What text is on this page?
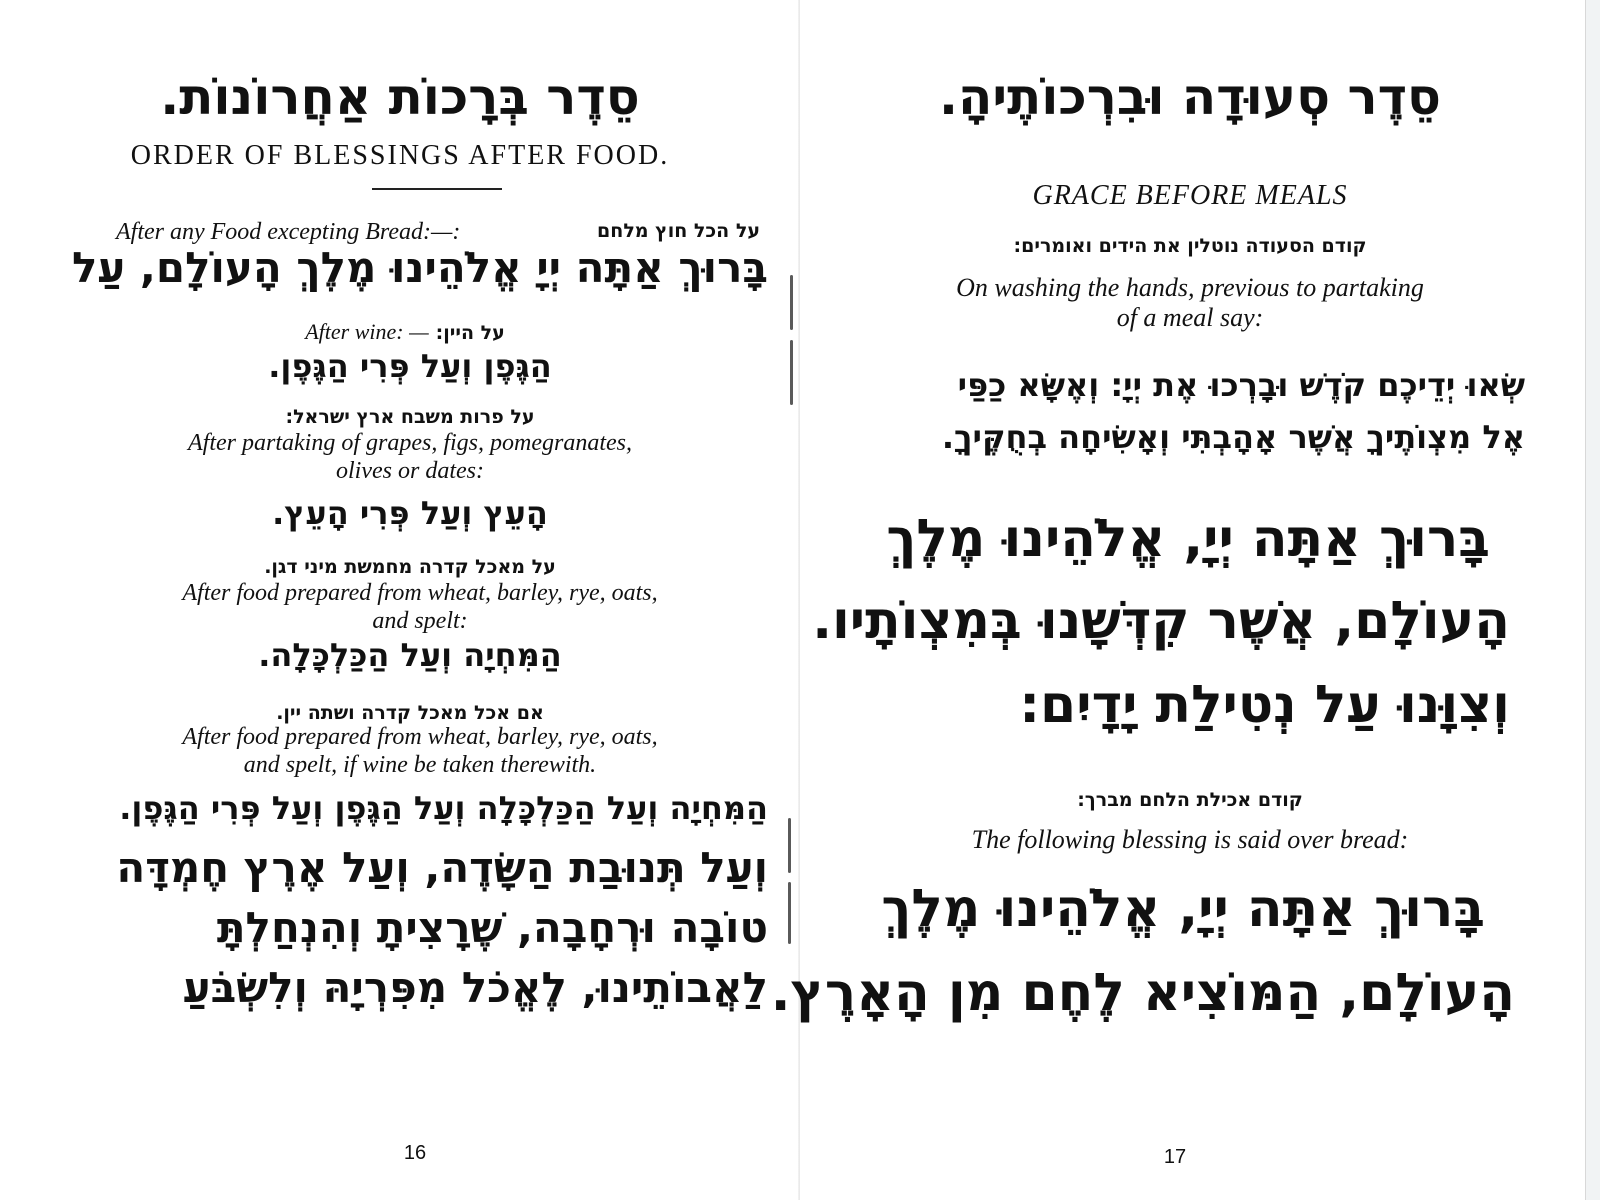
סֵדֶר בְּרָכוֹת אַחֲרוֹנוֹת.
ORDER OF BLESSINGS AFTER FOOD.
על הכל חוץ מלחם
After any Food excepting Bread:—:
בָּרוּךְ אַתָּה יְיָ אֱלֹהֵינוּ מֶלֶךְ הָעוֹלָם, עַל
After wine: — על היין:
הַגֶּפֶן וְעַל פְּרִי הַגֶּפֶן.
על פרות משבח ארץ ישראל:
After partaking of grapes, figs, pomegranates,
olives or dates:
הָעֵץ וְעַל פְּרִי הָעֵץ.
על מאכל קדרה מחמשת מיני דגן.
After food prepared from wheat, barley, rye, oats,
and spelt:
הַמִּחְיָה וְעַל הַכַּלְכָּלָה.
אם אכל מאכל קדרה ושתה יין.
After food prepared from wheat, barley, rye, oats,
and spelt, if wine be taken therewith.
הַמִּחְיָה וְעַל הַכַּלְכָּלָה וְעַל הַגֶּפֶן וְעַל פְּרִי הַגֶּפֶן.
וְעַל תְּנוּבַת הַשָּׂדֶה, וְעַל אֶרֶץ חֶמְדָּה
טוֹבָה וּרְחָבָה, שֶׁרָצִיתָ וְהִנְחַלְתָּ
לַאֲבוֹתֵינוּ, לֶאֱכֹל מִפִּרְיָהּ וְלִשְׂבֹּעַ
16
סֵדֶר סְעוּדָה וּבִרְכוֹתֶיהָ.
GRACE BEFORE MEALS
קודם הסעודה נוטלין את הידים ואומרים:
On washing the hands, previous to partaking
of a meal say:
שְׂאוּ יְדֵיכֶם קֹדֶשׁ וּבָרְכוּ אֶת יְיָ: וְאֶשָּׂא כַפַּי
אֶל מִצְוֹתֶיךָ אֲשֶׁר אָהָבְתִּי וְאָשִׂיחָה בְחֻקֶּיךָ.
בָּרוּךְ אַתָּה יְיָ, אֱלֹהֵינוּ מֶלֶךְ
הָעוֹלָם, אֲשֶׁר קִדְּשָׁנוּ בְּמִצְוֹתָיו.
וְצִוָּנוּ עַל נְטִילַת יָדָיִם:
קודם אכילת הלחם מברך:
The following blessing is said over bread:
בָּרוּךְ אַתָּה יְיָ, אֱלֹהֵינוּ מֶלֶךְ
הָעוֹלָם, הַמּוֹצִיא לֶחֶם מִן הָאָרֶץ.
17
